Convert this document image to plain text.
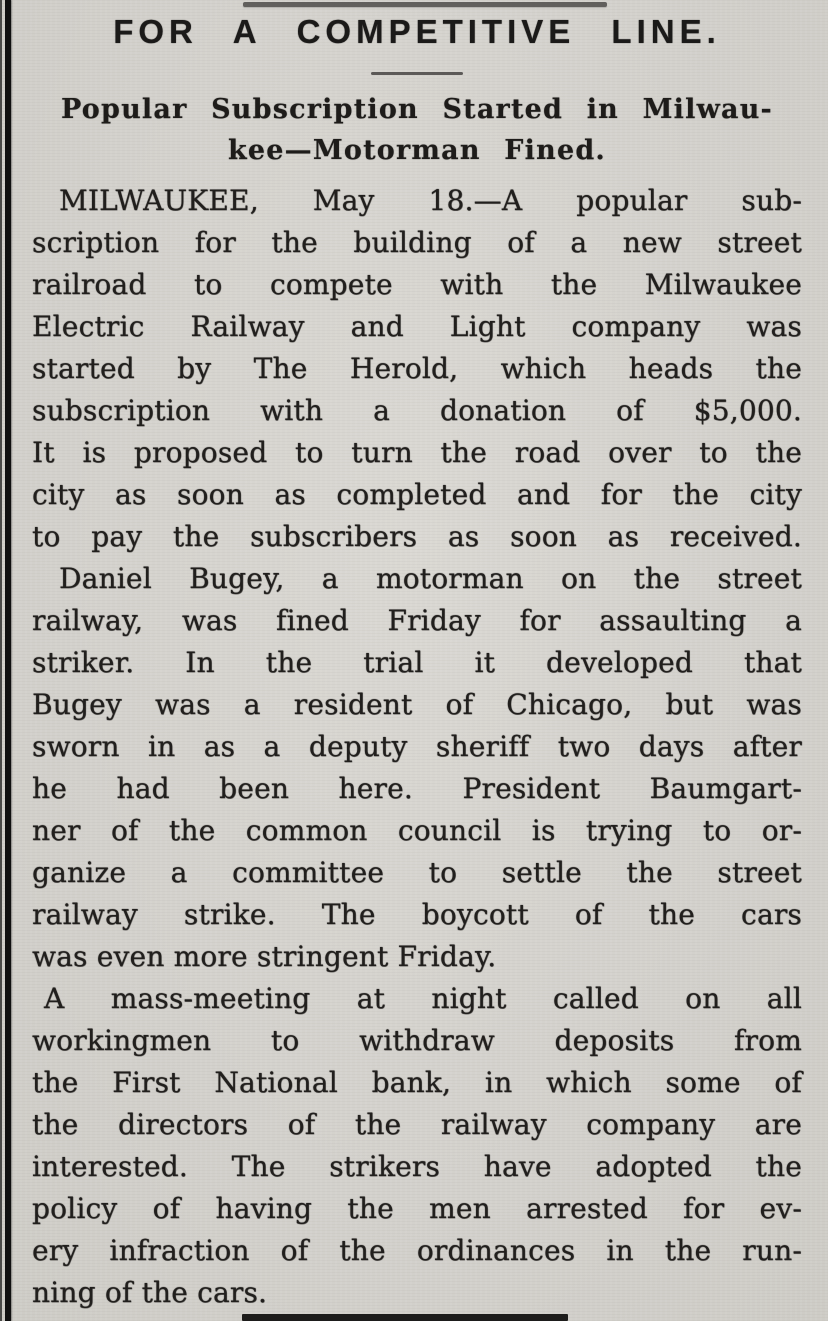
FOR A COMPETITIVE LINE.
Popular Subscription Started in Milwau-
kee—Motorman Fined.
MILWAUKEE, May 18.—A popular sub-
scription for the building of a new street
railroad to compete with the Milwaukee
Electric Railway and Light company was
started by The Herold, which heads the
subscription with a donation of $5,000.
It is proposed to turn the road over to the
city as soon as completed and for the city
to pay the subscribers as soon as received.
Daniel Bugey, a motorman on the street
railway, was fined Friday for assaulting a
striker. In the trial it developed that
Bugey was a resident of Chicago, but was
sworn in as a deputy sheriff two days after
he had been here. President Baumgart-
ner of the common council is trying to or-
ganize a committee to settle the street
railway strike. The boycott of the cars
was even more stringent Friday.
A mass-meeting at night called on all
workingmen to withdraw deposits from
the First National bank, in which some of
the directors of the railway company are
interested. The strikers have adopted the
policy of having the men arrested for ev-
ery infraction of the ordinances in the run-
ning of the cars.
